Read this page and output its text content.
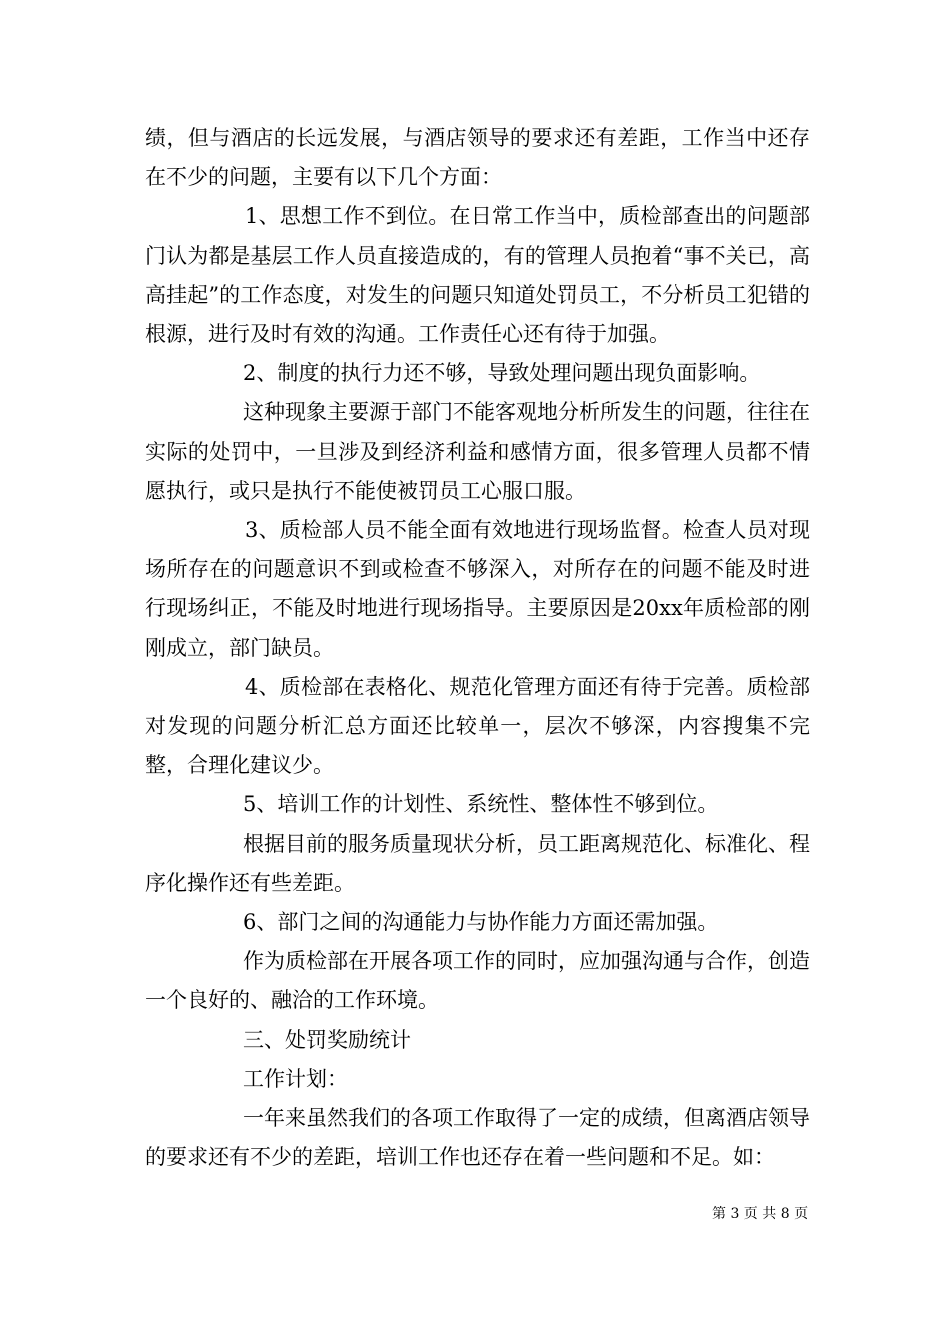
绩，但与酒店的长远发展，与酒店领导的要求还有差距，工作当中还存在不少的问题，主要有以下几个方面：

1、思想工作不到位。在日常工作当中，质检部查出的问题部门认为都是基层工作人员直接造成的，有的管理人员抱着“事不关已，高高挂起”的工作态度，对发生的问题只知道处罚员工，不分析员工犯错的根源，进行及时有效的沟通。工作责任心还有待于加强。

2、制度的执行力还不够，导致处理问题出现负面影响。

这种现象主要源于部门不能客观地分析所发生的问题，往往在实际的处罚中，一旦涉及到经济利益和感情方面，很多管理人员都不情愿执行，或只是执行不能使被罚员工心服口服。

3、质检部人员不能全面有效地进行现场监督。检查人员对现场所存在的问题意识不到或检查不够深入，对所存在的问题不能及时进行现场纠正，不能及时地进行现场指导。主要原因是20xx年质检部的刚刚成立，部门缺员。

4、质检部在表格化、规范化管理方面还有待于完善。质检部对发现的问题分析汇总方面还比较单一，层次不够深，内容搜集不完整，合理化建议少。

5、培训工作的计划性、系统性、整体性不够到位。

根据目前的服务质量现状分析，员工距离规范化、标准化、程序化操作还有些差距。

6、部门之间的沟通能力与协作能力方面还需加强。

作为质检部在开展各项工作的同时，应加强沟通与合作，创造一个良好的、融洽的工作环境。

三、处罚奖励统计

工作计划：

一年来虽然我们的各项工作取得了一定的成绩，但离酒店领导的要求还有不少的差距，培训工作也还存在着一些问题和不足。如：

第 3 页 共 8 页
